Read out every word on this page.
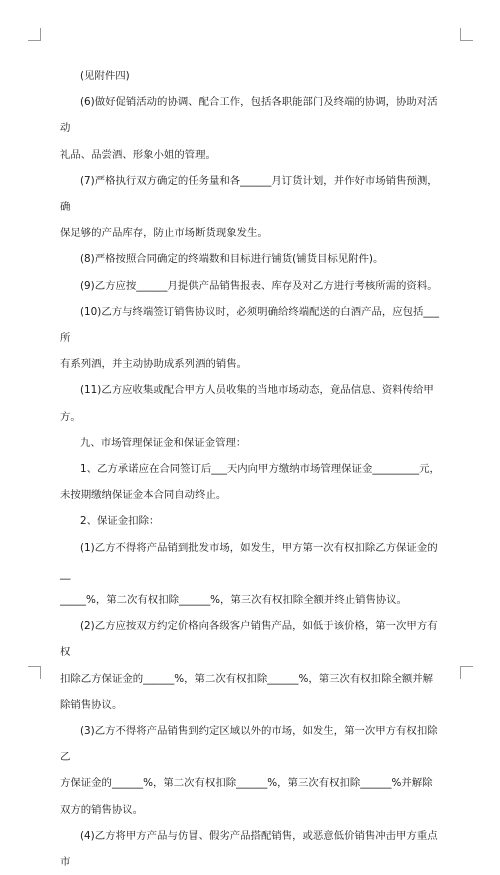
(见附件四)

(6)做好促销活动的协调、配合工作，包括各职能部门及终端的协调，协助对活动

礼品、品尝酒、形象小姐的管理。

(7)严格执行双方确定的任务量和各______月订货计划，并作好市场销售预测，确

保足够的产品库存，防止市场断货现象发生。

(8)严格按照合同确定的终端数和目标进行铺货(铺货目标见附件)。

(9)乙方应按______月提供产品销售报表、库存及对乙方进行考核所需的资料。

(10)乙方与终端签订销售协议时，必须明确给终端配送的白酒产品，应包括___所

有系列酒，并主动协助成系列酒的销售。

(11)乙方应收集或配合甲方人员收集的当地市场动态，竟品信息、资料传给甲方。

九、市场管理保证金和保证金管理：

1、乙方承诺应在合同签订后___天内向甲方缴纳市场管理保证金_________元，

未按期缴纳保证金本合同自动终止。

2、保证金扣除：

(1)乙方不得将产品销到批发市场，如发生，甲方第一次有权扣除乙方保证金的__

_____%，第二次有权扣除______%，第三次有权扣除全额并终止销售协议。

(2)乙方应按双方约定价格向各级客户销售产品，如低于该价格，第一次甲方有权

扣除乙方保证金的______%，第二次有权扣除______%，第三次有权扣除全额并解

除销售协议。

(3)乙方不得将产品销售到约定区域以外的市场，如发生，第一次甲方有权扣除乙

方保证金的______%，第二次有权扣除______%，第三次有权扣除______%并解除

双方的销售协议。

(4)乙方将甲方产品与仿冒、假劣产品搭配销售，或恶意低价销售冲击甲方重点市
